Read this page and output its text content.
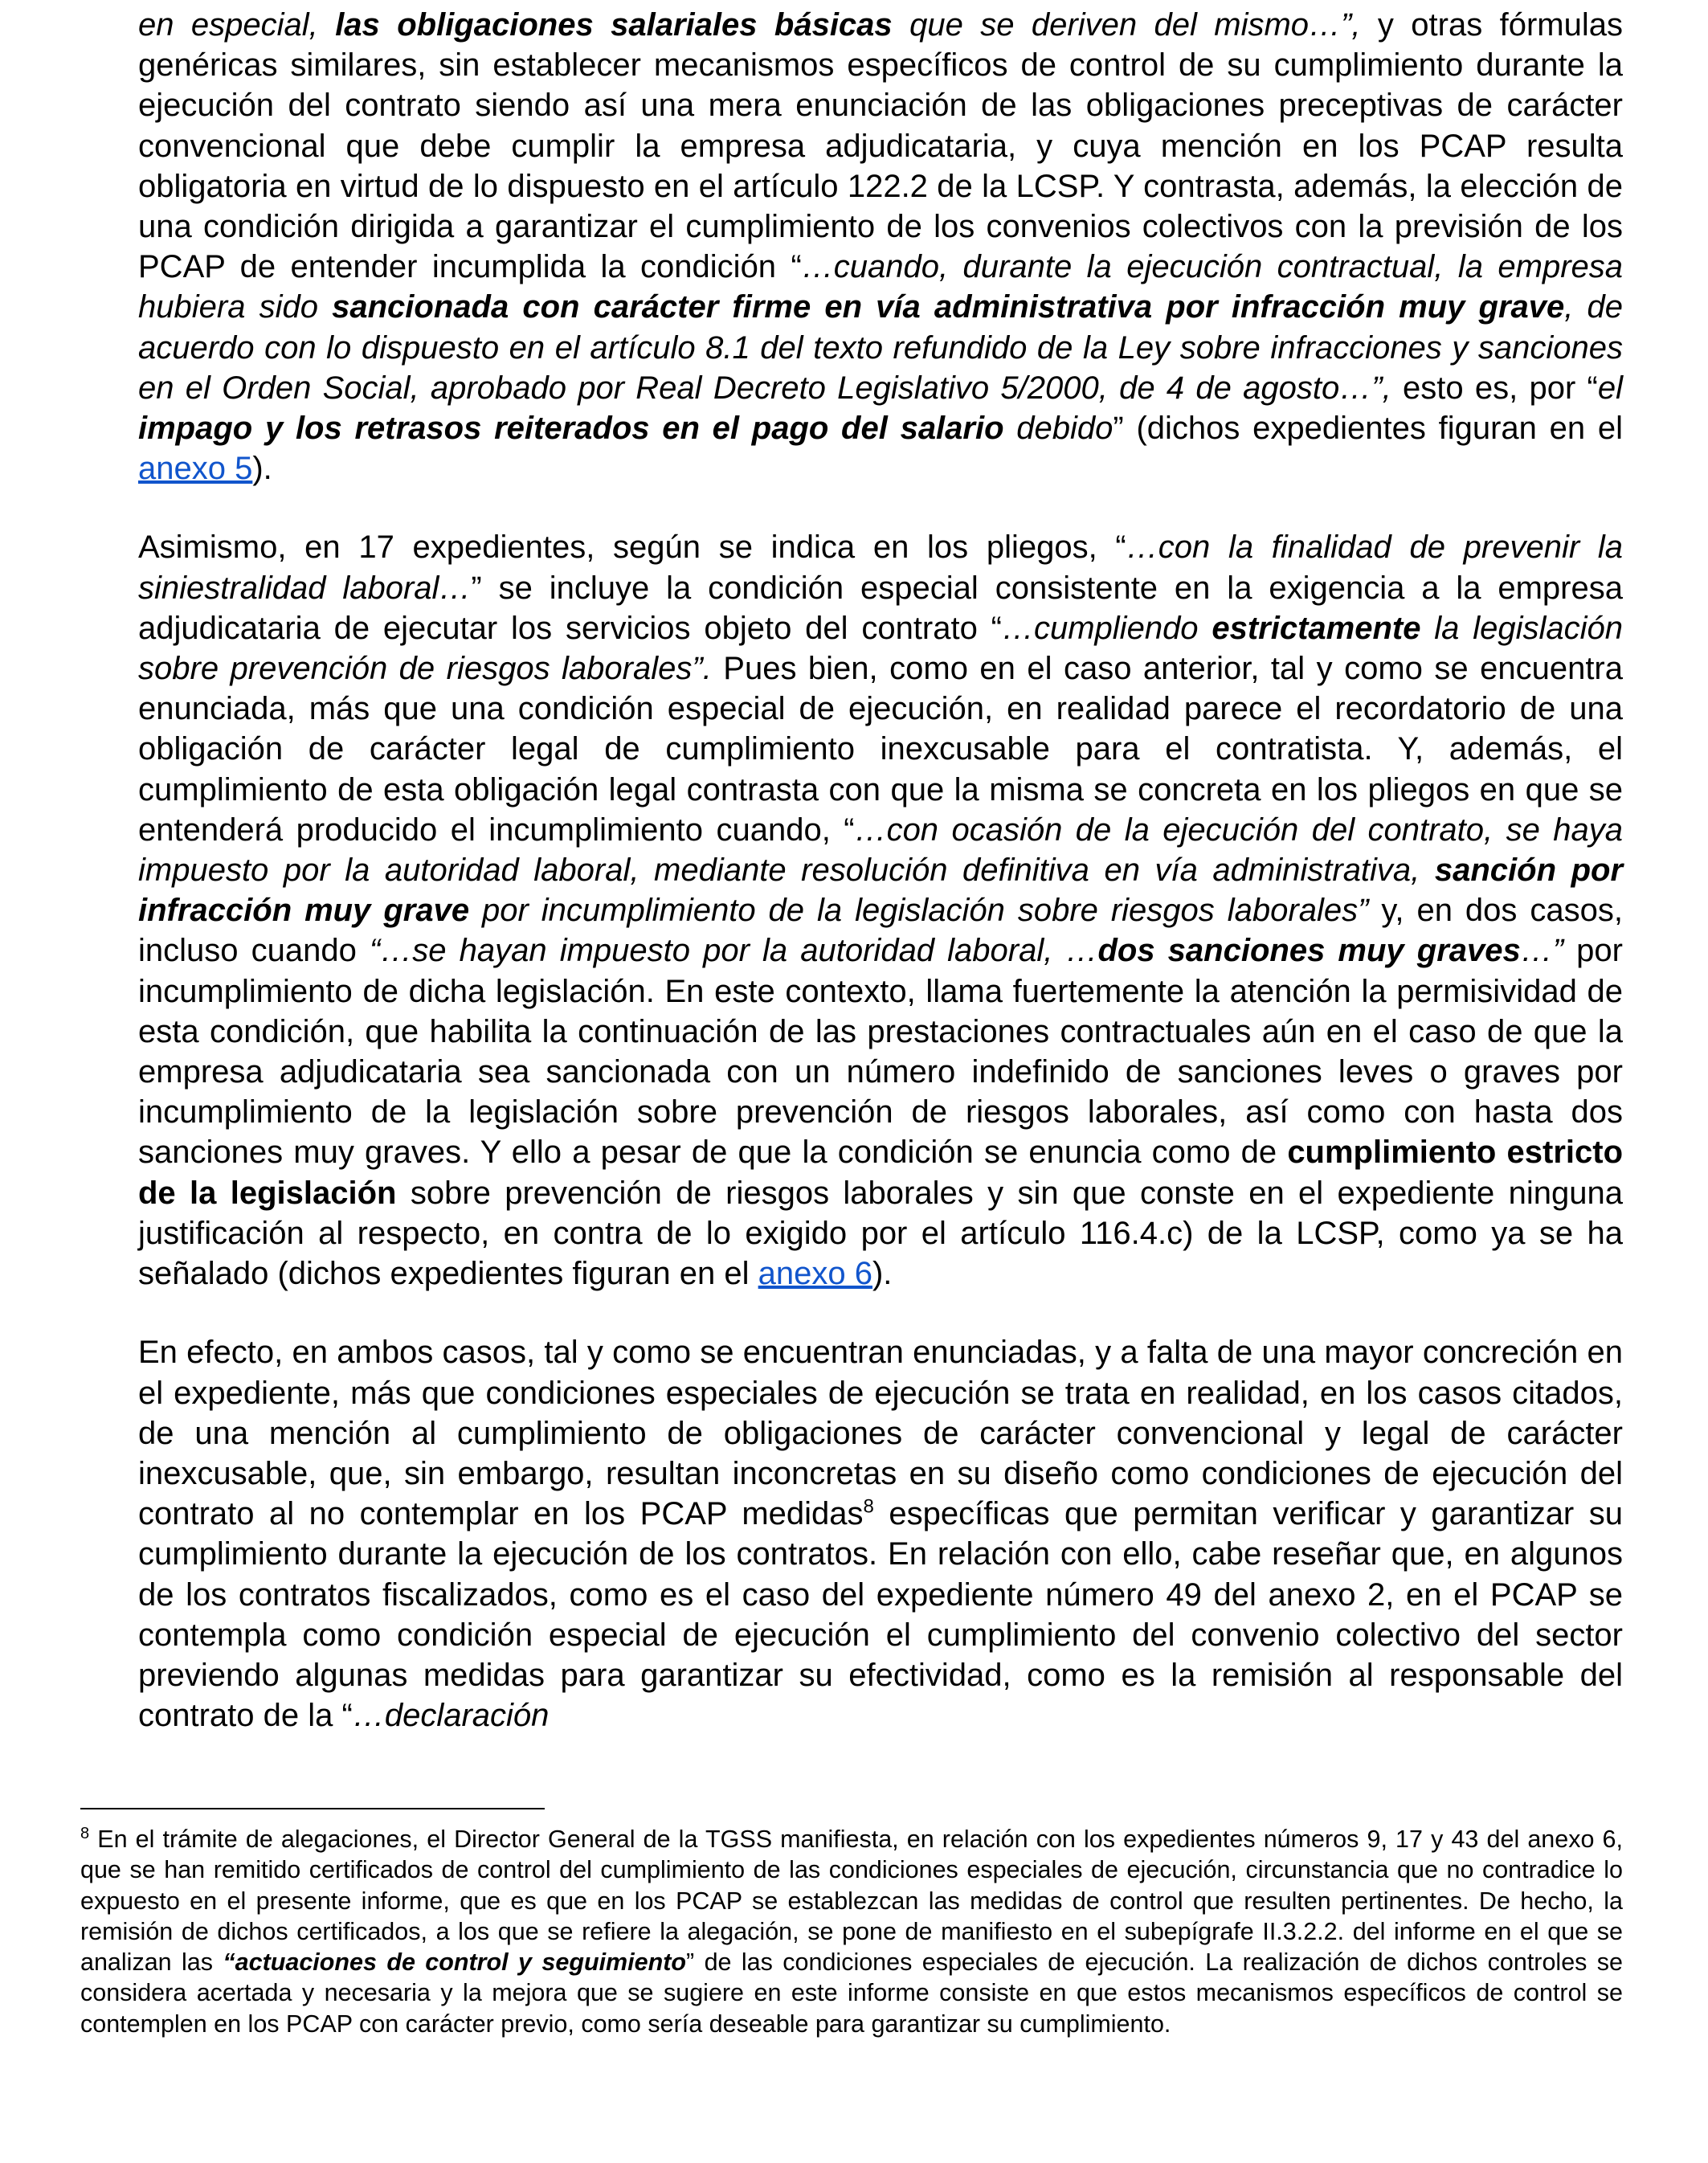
en especial, las obligaciones salariales básicas que se deriven del mismo…”, y otras fórmulas genéricas similares, sin establecer mecanismos específicos de control de su cumplimiento durante la ejecución del contrato siendo así una mera enunciación de las obligaciones preceptivas de carácter convencional que debe cumplir la empresa adjudicataria, y cuya mención en los PCAP resulta obligatoria en virtud de lo dispuesto en el artículo 122.2 de la LCSP. Y contrasta, además, la elección de una condición dirigida a garantizar el cumplimiento de los convenios colectivos con la previsión de los PCAP de entender incumplida la condición “…cuando, durante la ejecución contractual, la empresa hubiera sido sancionada con carácter firme en vía administrativa por infracción muy grave, de acuerdo con lo dispuesto en el artículo 8.1 del texto refundido de la Ley sobre infracciones y sanciones en el Orden Social, aprobado por Real Decreto Legislativo 5/2000, de 4 de agosto…”, esto es, por “el impago y los retrasos reiterados en el pago del salario debido” (dichos expedientes figuran en el anexo 5).

Asimismo, en 17 expedientes, según se indica en los pliegos, “…con la finalidad de prevenir la siniestralidad laboral…” se incluye la condición especial consistente en la exigencia a la empresa adjudicataria de ejecutar los servicios objeto del contrato “…cumpliendo estrictamente la legislación sobre prevención de riesgos laborales”. Pues bien, como en el caso anterior, tal y como se encuentra enunciada, más que una condición especial de ejecución, en realidad parece el recordatorio de una obligación de carácter legal de cumplimiento inexcusable para el contratista. Y, además, el cumplimiento de esta obligación legal contrasta con que la misma se concreta en los pliegos en que se entenderá producido el incumplimiento cuando, “…con ocasión de la ejecución del contrato, se haya impuesto por la autoridad laboral, mediante resolución definitiva en vía administrativa, sanción por infracción muy grave por incumplimiento de la legislación sobre riesgos laborales” y, en dos casos, incluso cuando “…se hayan impuesto por la autoridad laboral, …dos sanciones muy graves…” por incumplimiento de dicha legislación. En este contexto, llama fuertemente la atención la permisividad de esta condición, que habilita la continuación de las prestaciones contractuales aún en el caso de que la empresa adjudicataria sea sancionada con un número indefinido de sanciones leves o graves por incumplimiento de la legislación sobre prevención de riesgos laborales, así como con hasta dos sanciones muy graves. Y ello a pesar de que la condición se enuncia como de cumplimiento estricto de la legislación sobre prevención de riesgos laborales y sin que conste en el expediente ninguna justificación al respecto, en contra de lo exigido por el artículo 116.4.c) de la LCSP, como ya se ha señalado (dichos expedientes figuran en el anexo 6).

En efecto, en ambos casos, tal y como se encuentran enunciadas, y a falta de una mayor concreción en el expediente, más que condiciones especiales de ejecución se trata en realidad, en los casos citados, de una mención al cumplimiento de obligaciones de carácter convencional y legal de carácter inexcusable, que, sin embargo, resultan inconcretas en su diseño como condiciones de ejecución del contrato al no contemplar en los PCAP medidas$^8$ específicas que permitan verificar y garantizar su cumplimiento durante la ejecución de los contratos. En relación con ello, cabe reseñar que, en algunos de los contratos fiscalizados, como es el caso del expediente número 49 del anexo 2, en el PCAP se contempla como condición especial de ejecución el cumplimiento del convenio colectivo del sector previendo algunas medidas para garantizar su efectividad, como es la remisión al responsable del contrato de la “…declaración

$^8$ En el trámite de alegaciones, el Director General de la TGSS manifiesta, en relación con los expedientes números 9, 17 y 43 del anexo 6, que se han remitido certificados de control del cumplimiento de las condiciones especiales de ejecución, circunstancia que no contradice lo expuesto en el presente informe, que es que en los PCAP se establezcan las medidas de control que resulten pertinentes. De hecho, la remisión de dichos certificados, a los que se refiere la alegación, se pone de manifiesto en el subepígrafe II.3.2.2. del informe en el que se analizan las “actuaciones de control y seguimiento” de las condiciones especiales de ejecución. La realización de dichos controles se considera acertada y necesaria y la mejora que se sugiere en este informe consiste en que estos mecanismos específicos de control se contemplen en los PCAP con carácter previo, como sería deseable para garantizar su cumplimiento.
